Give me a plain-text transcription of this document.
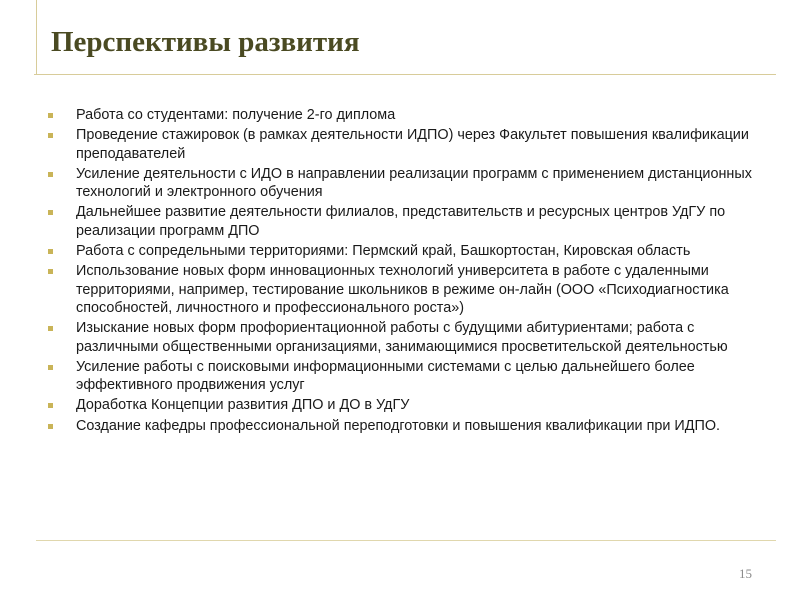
Перспективы развития
Работа со студентами: получение 2-го диплома
Проведение стажировок (в рамках деятельности ИДПО) через Факультет повышения квалификации преподавателей
Усиление деятельности с ИДО в направлении реализации программ с применением дистанционных технологий и электронного обучения
Дальнейшее развитие деятельности филиалов, представительств и ресурсных центров УдГУ по реализации программ ДПО
Работа с сопредельными территориями: Пермский край, Башкортостан, Кировская область
Использование новых форм инновационных технологий университета в работе с удаленными территориями, например, тестирование школьников в режиме он-лайн (ООО «Психодиагностика способностей, личностного и профессионального роста»)
Изыскание новых форм профориентационной работы с будущими абитуриентами; работа с различными общественными организациями, занимающимися просветительской деятельностью
Усиление работы с поисковыми информационными системами с целью дальнейшего более эффективного продвижения услуг
Доработка Концепции развития ДПО и ДО в УдГУ
Создание кафедры профессиональной переподготовки и повышения квалификации при ИДПО.
15
